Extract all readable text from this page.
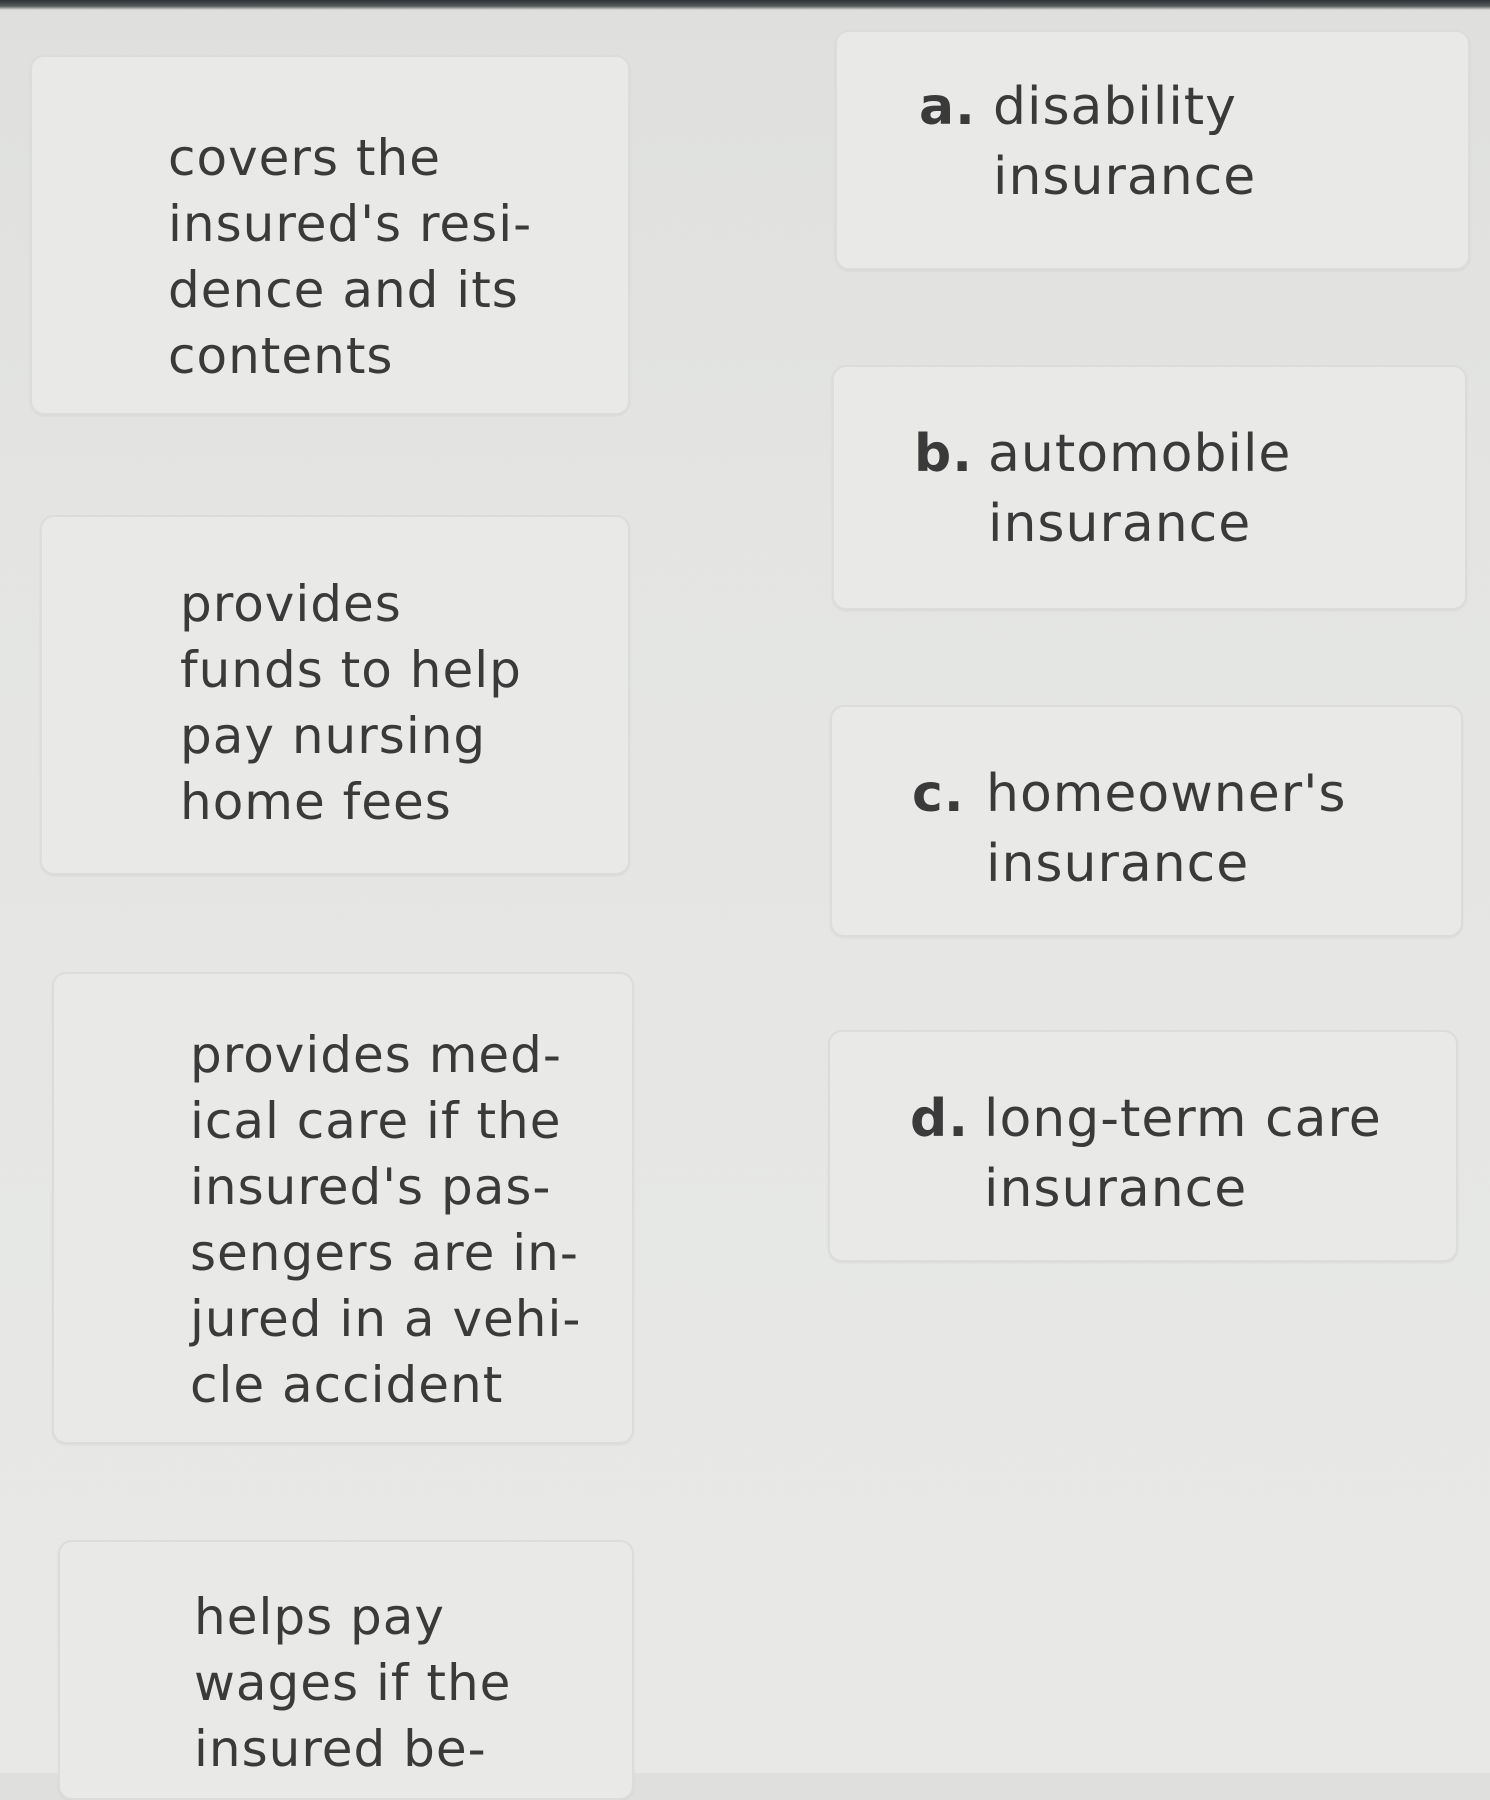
covers the
insured's resi-
dence and its
contents
provides
funds to help
pay nursing
home fees
provides med-
ical care if the
insured's pas-
sengers are in-
jured in a vehi-
cle accident
helps pay
wages if the
insured be-
a. disability
insurance
b. automobile
insurance
c. homeowner's
insurance
d. long-term care
insurance
